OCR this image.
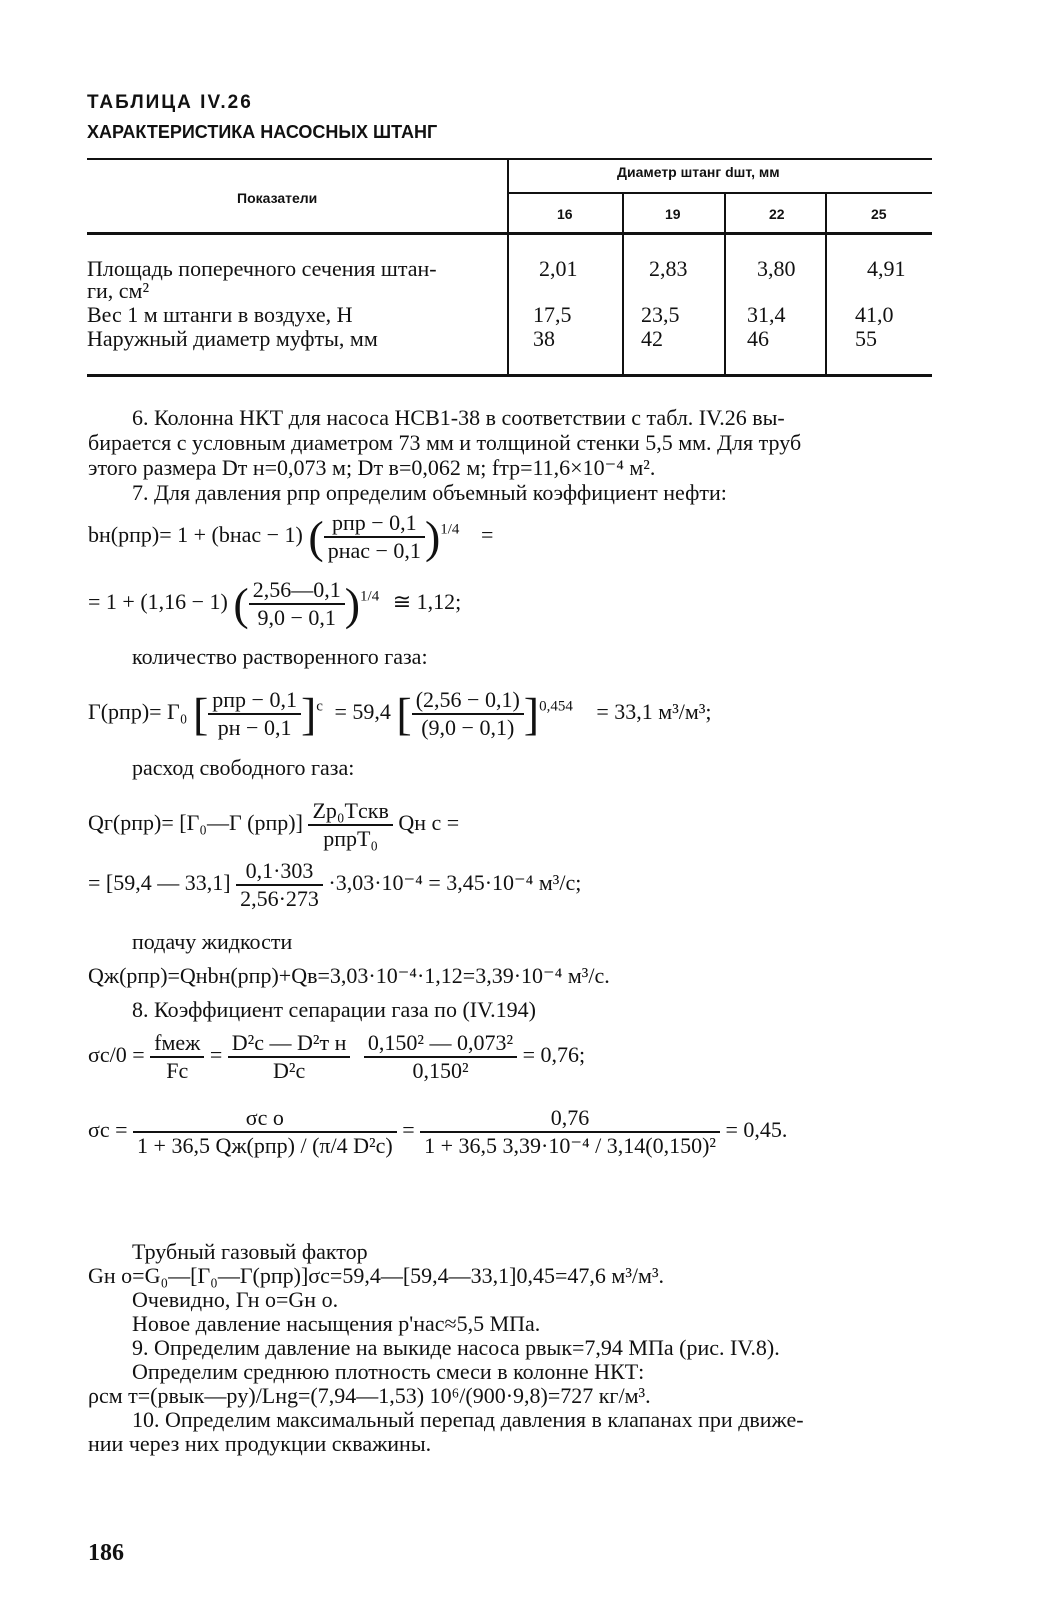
ТАБЛИЦА IV.26
ХАРАКТЕРИСТИКА НАСОСНЫХ ШТАНГ
Показатели
Диаметр штанг dшт, мм
16	19	22	25
Площадь поперечного сечения штан-
ги, см²
2,01	2,83	3,80	4,91
Вес 1 м штанги в воздухе, Н	17,5	23,5	31,4	41,0
Наружный диаметр муфты, мм	38	42	46	55
6. Колонна НКТ для насоса НСВ1-38 в соответствии с табл. IV.26 вы-
бирается с условным диаметром 73 мм и толщиной стенки 5,5 мм. Для труб
этого размера Dт н=0,073 м; Dт в=0,062 м; fтр=11,6×10⁻⁴ м².
7. Для давления pпр определим объемный коэффициент нефти:
bн(pпр)= 1 + (bнас − 1) ( $\frac{\text{pпр − 0,1}}{\text{pнас − 0,1}} )^{1/4}$ =
= 1 + (1,16 − 1) ( $\frac{2,56—0,1}{9,0 - 0,1} )^{1/4}$ ≅ 1,12;
количество растворенного газа:
Г(pпр)= Г₀ [ $\frac{\text{pпр − 0,1}}{pн - 0,1} ]^c = 59,4$ [ $\frac{(2,56 - 0,1)}{(9,0 - 0,1)} ]^{0,454} = 33,1$ м³/м³;
расход свободного газа:
Qг(pпр)= [Г₀—Г $(pпр)] \frac{\text{Zp₀Tскв}}{\text{pпрT₀}}$ Qн с =
= [59,4 — $33,1] \frac{0,1\cdot 303}{2,56\cdot 273} \cdot 3,03\cdot 10^{-4} = 3,45\cdot 10^{-4}$ м³/с;
подачу жидкости
Qж(pпр)=Qнbн(pпр)+Qв=3,03·10⁻⁴·1,12=3,39·10⁻⁴ м³/с.
8. Коэффициент сепарации газа по (IV.194)
$\sigma c/0 = \frac{\text{fмеж}}{Fc} = \frac{\text{D²c — D²т н}}{\text{D²c}}$
$\frac{\text{0,150² — 0,073²}}{\text{0,150²}} = 0,76$;
$\sigma c = \frac{\text{σc o}}{\text{1 + 36,5 Qж(pпр) / (π/4 D²c)}} = \frac{0,76}{\text{1 + 36,5 3,39·10⁻⁴ / 3,14(0,150)²}} = 0,45$.
Трубный газовый фактор
Gн о=G₀—[Г₀—Г(pпр)]σc=59,4—[59,4—33,1]0,45=47,6 м³/м³.
Очевидно, Гн о=Gн о.
Новое давление насыщения p'нас≈5,5 МПа.
9. Определим давление на выкиде насоса pвык=7,94 МПа (рис. IV.8).
Определим среднюю плотность смеси в колонне НКТ:
ρсм т=(pвык—pу)/Lнg=(7,94—1,53) 10⁶/(900·9,8)=727 кг/м³.
10. Определим максимальный перепад давления в клапанах при движе-
нии через них продукции скважины.
186
